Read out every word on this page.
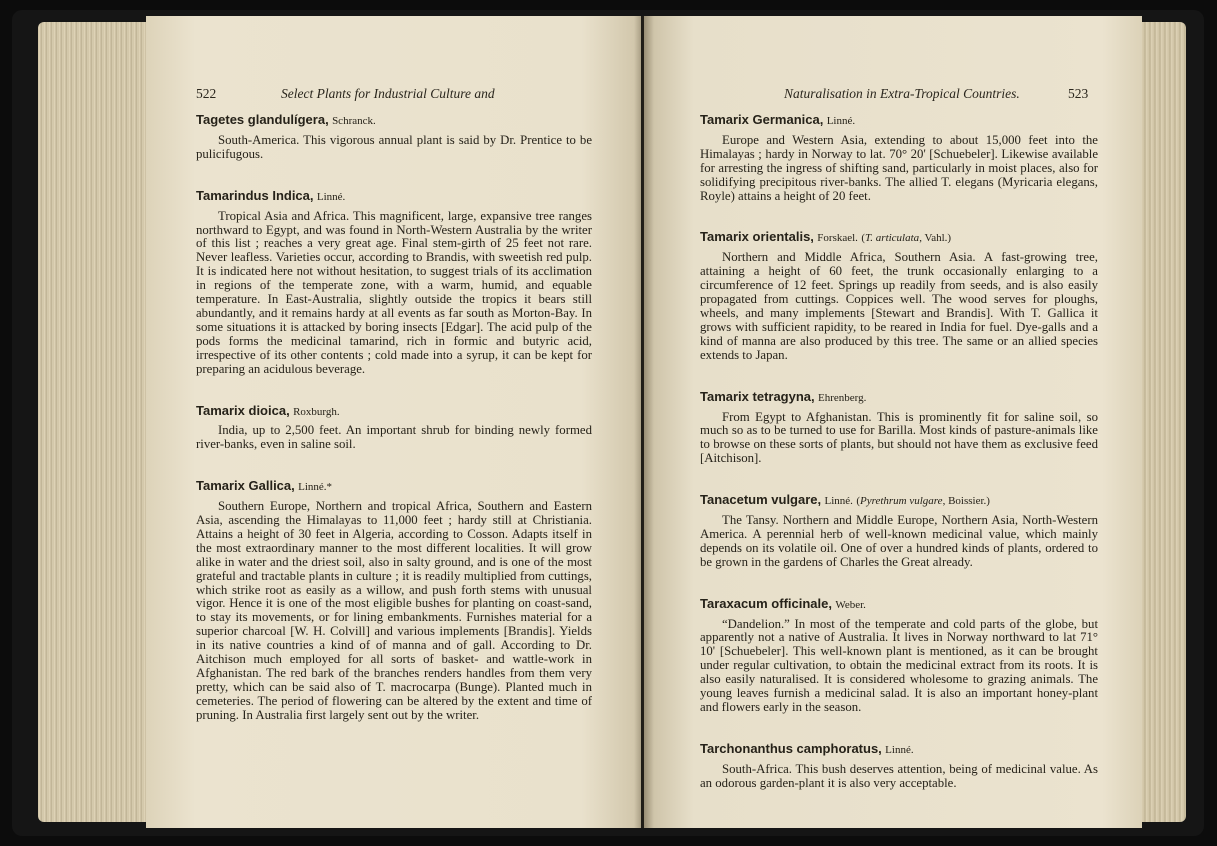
522	Select Plants for Industrial Culture and

Tagetes glandulígera, Schranck.

South-America. This vigorous annual plant is said by Dr. Prentice to be pulicifugous.

Tamarindus Indica, Linné.

Tropical Asia and Africa. This magnificent, large, expansive tree ranges northward to Egypt, and was found in North-Western Australia by the writer of this list ; reaches a very great age. Final stem-girth of 25 feet not rare. Never leafless. Varieties occur, according to Brandis, with sweetish red pulp. It is indicated here not without hesitation, to suggest trials of its acclimation in regions of the temperate zone, with a warm, humid, and equable temperature. In East-Australia, slightly outside the tropics it bears still abundantly, and it remains hardy at all events as far south as Morton-Bay. In some situations it is attacked by boring insects [Edgar]. The acid pulp of the pods forms the medicinal tamarind, rich in formic and butyric acid, irrespective of its other contents ; cold made into a syrup, it can be kept for preparing an acidulous beverage.

Tamarix dioica, Roxburgh.

India, up to 2,500 feet. An important shrub for binding newly formed river-banks, even in saline soil.

Tamarix Gallica, Linné.*

Southern Europe, Northern and tropical Africa, Southern and Eastern Asia, ascending the Himalayas to 11,000 feet ; hardy still at Christiania. Attains a height of 30 feet in Algeria, according to Cosson. Adapts itself in the most extraordinary manner to the most different localities. It will grow alike in water and the driest soil, also in salty ground, and is one of the most grateful and tractable plants in culture ; it is readily multiplied from cuttings, which strike root as easily as a willow, and push forth stems with unusual vigor. Hence it is one of the most eligible bushes for planting on coast-sand, to stay its movements, or for lining embankments. Furnishes material for a superior charcoal [W. H. Colvill] and various implements [Brandis]. Yields in its native countries a kind of of manna and of gall. According to Dr. Aitchison much employed for all sorts of basket- and wattle-work in Afghanistan. The red bark of the branches renders handles from them very pretty, which can be said also of T. macrocarpa (Bunge). Planted much in cemeteries. The period of flowering can be altered by the extent and time of pruning. In Australia first largely sent out by the writer.

Naturalisation in Extra-Tropical Countries.	523

Tamarix Germanica, Linné.

Europe and Western Asia, extending to about 15,000 feet into the Himalayas ; hardy in Norway to lat. 70° 20' [Schuebeler]. Likewise available for arresting the ingress of shifting sand, particularly in moist places, also for solidifying precipitous river-banks. The allied T. elegans (Myricaria elegans, Royle) attains a height of 20 feet.

Tamarix orientalis, Forskael. (T. articulata, Vahl.)

Northern and Middle Africa, Southern Asia. A fast-growing tree, attaining a height of 60 feet, the trunk occasionally enlarging to a circumference of 12 feet. Springs up readily from seeds, and is also easily propagated from cuttings. Coppices well. The wood serves for ploughs, wheels, and many implements [Stewart and Brandis]. With T. Gallica it grows with sufficient rapidity, to be reared in India for fuel. Dye-galls and a kind of manna are also produced by this tree. The same or an allied species extends to Japan.

Tamarix tetragyna, Ehrenberg.

From Egypt to Afghanistan. This is prominently fit for saline soil, so much so as to be turned to use for Barilla. Most kinds of pasture-animals like to browse on these sorts of plants, but should not have them as exclusive feed [Aitchison].

Tanacetum vulgare, Linné. (Pyrethrum vulgare, Boissier.)

The Tansy. Northern and Middle Europe, Northern Asia, North-Western America. A perennial herb of well-known medicinal value, which mainly depends on its volatile oil. One of over a hundred kinds of plants, ordered to be grown in the gardens of Charles the Great already.

Taraxacum officinale, Weber.

“Dandelion.” In most of the temperate and cold parts of the globe, but apparently not a native of Australia. It lives in Norway northward to lat 71° 10' [Schuebeler]. This well-known plant is mentioned, as it can be brought under regular cultivation, to obtain the medicinal extract from its roots. It is also easily naturalised. It is considered wholesome to grazing animals. The young leaves furnish a medicinal salad. It is also an important honey-plant and flowers early in the season.

Tarchonanthus camphoratus, Linné.

South-Africa. This bush deserves attention, being of medicinal value. As an odorous garden-plant it is also very acceptable.
